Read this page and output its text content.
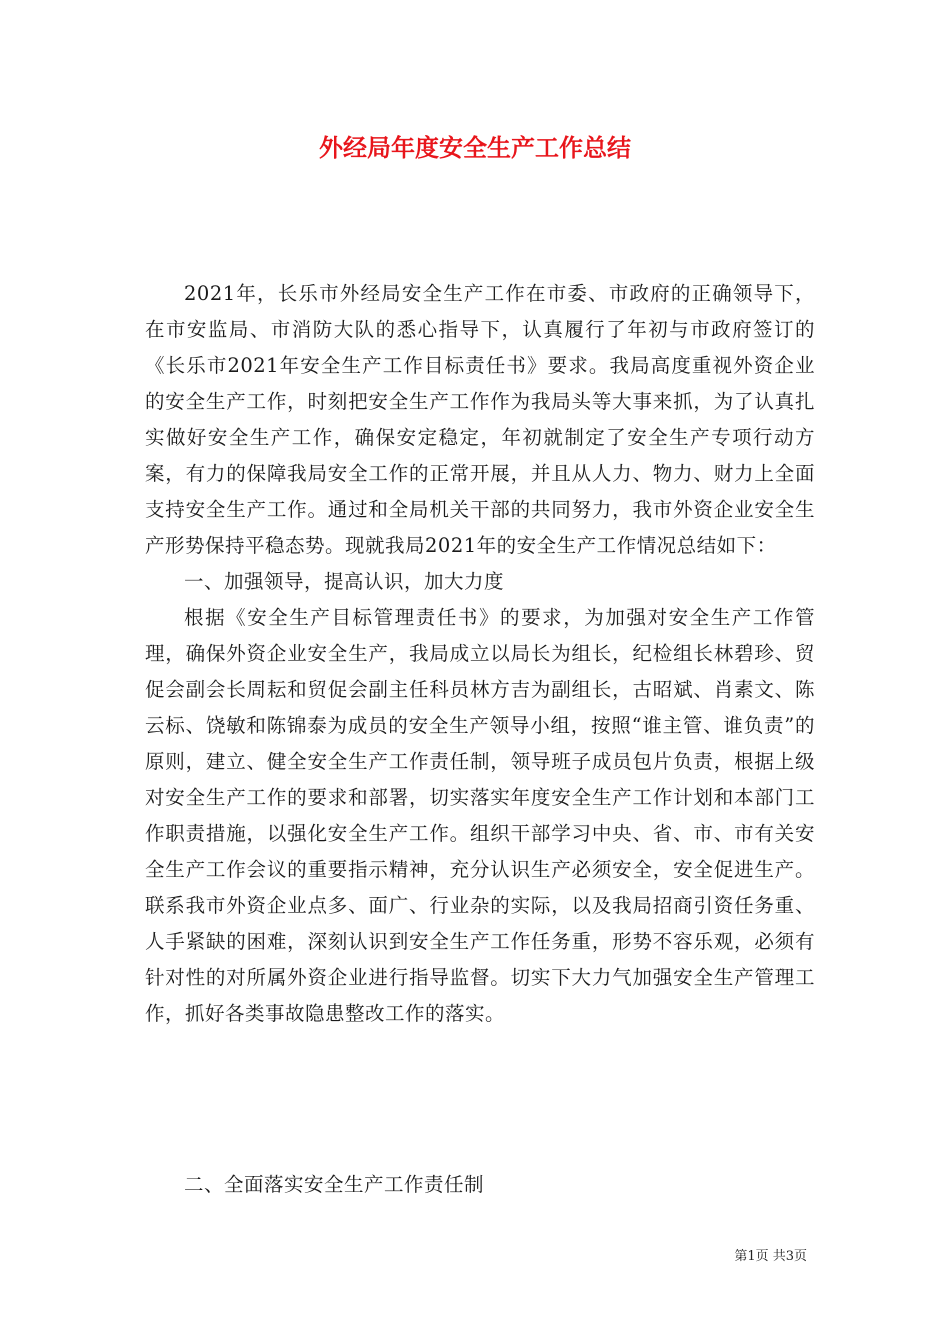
外经局年度安全生产工作总结

2021年，长乐市外经局安全生产工作在市委、市政府的正确领导下，在市安监局、市消防大队的悉心指导下，认真履行了年初与市政府签订的《长乐市2021年安全生产工作目标责任书》要求。我局高度重视外资企业的安全生产工作，时刻把安全生产工作作为我局头等大事来抓，为了认真扎实做好安全生产工作，确保安定稳定，年初就制定了安全生产专项行动方案，有力的保障我局安全工作的正常开展，并且从人力、物力、财力上全面支持安全生产工作。通过和全局机关干部的共同努力，我市外资企业安全生产形势保持平稳态势。现就我局2021年的安全生产工作情况总结如下：

一、加强领导，提高认识，加大力度

根据《安全生产目标管理责任书》的要求，为加强对安全生产工作管理，确保外资企业安全生产，我局成立以局长为组长，纪检组长林碧珍、贸促会副会长周耘和贸促会副主任科员林方吉为副组长，古昭斌、肖素文、陈云标、饶敏和陈锦泰为成员的安全生产领导小组，按照“谁主管、谁负责”的原则，建立、健全安全生产工作责任制，领导班子成员包片负责，根据上级对安全生产工作的要求和部署，切实落实年度安全生产工作计划和本部门工作职责措施，以强化安全生产工作。组织干部学习中央、省、市、市有关安全生产工作会议的重要指示精神，充分认识生产必须安全，安全促进生产。联系我市外资企业点多、面广、行业杂的实际，以及我局招商引资任务重、人手紧缺的困难，深刻认识到安全生产工作任务重，形势不容乐观，必须有针对性的对所属外资企业进行指导监督。切实下大力气加强安全生产管理工作，抓好各类事故隐患整改工作的落实。

二、全面落实安全生产工作责任制

第1页 共3页
